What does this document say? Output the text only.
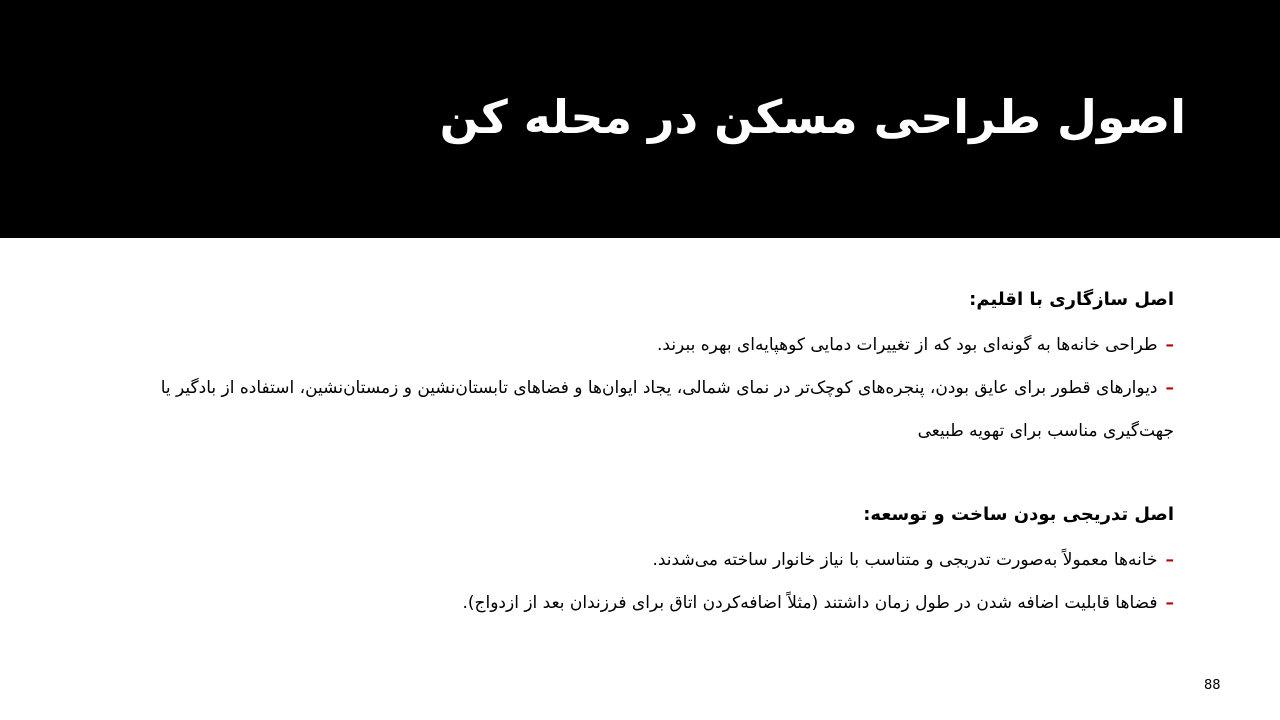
اصول طراحی مسکن در محله کن

اصل سازگاری با اقلیم:

–طراحی خانه‌ها به گونه‌ای بود که از تغییرات دمایی کوهپایه‌ای بهره ببرند.

–دیوارهای قطور برای عایق بودن، پنجره‌های کوچک‌تر در نمای شمالی، یجاد ایوان‌ها و فضاهای تابستان‌نشین و زمستان‌نشین، استفاده از بادگیر یا جهت‌گیری مناسب برای تهویه طبیعی

اصل تدریجی بودن ساخت و توسعه:

–خانه‌ها معمولاً به‌صورت تدریجی و متناسب با نیاز خانوار ساخته می‌شدند.

–فضاها قابلیت اضافه شدن در طول زمان داشتند (مثلاً اضافه‌کردن اتاق برای فرزندان بعد از ازدواج).

88
